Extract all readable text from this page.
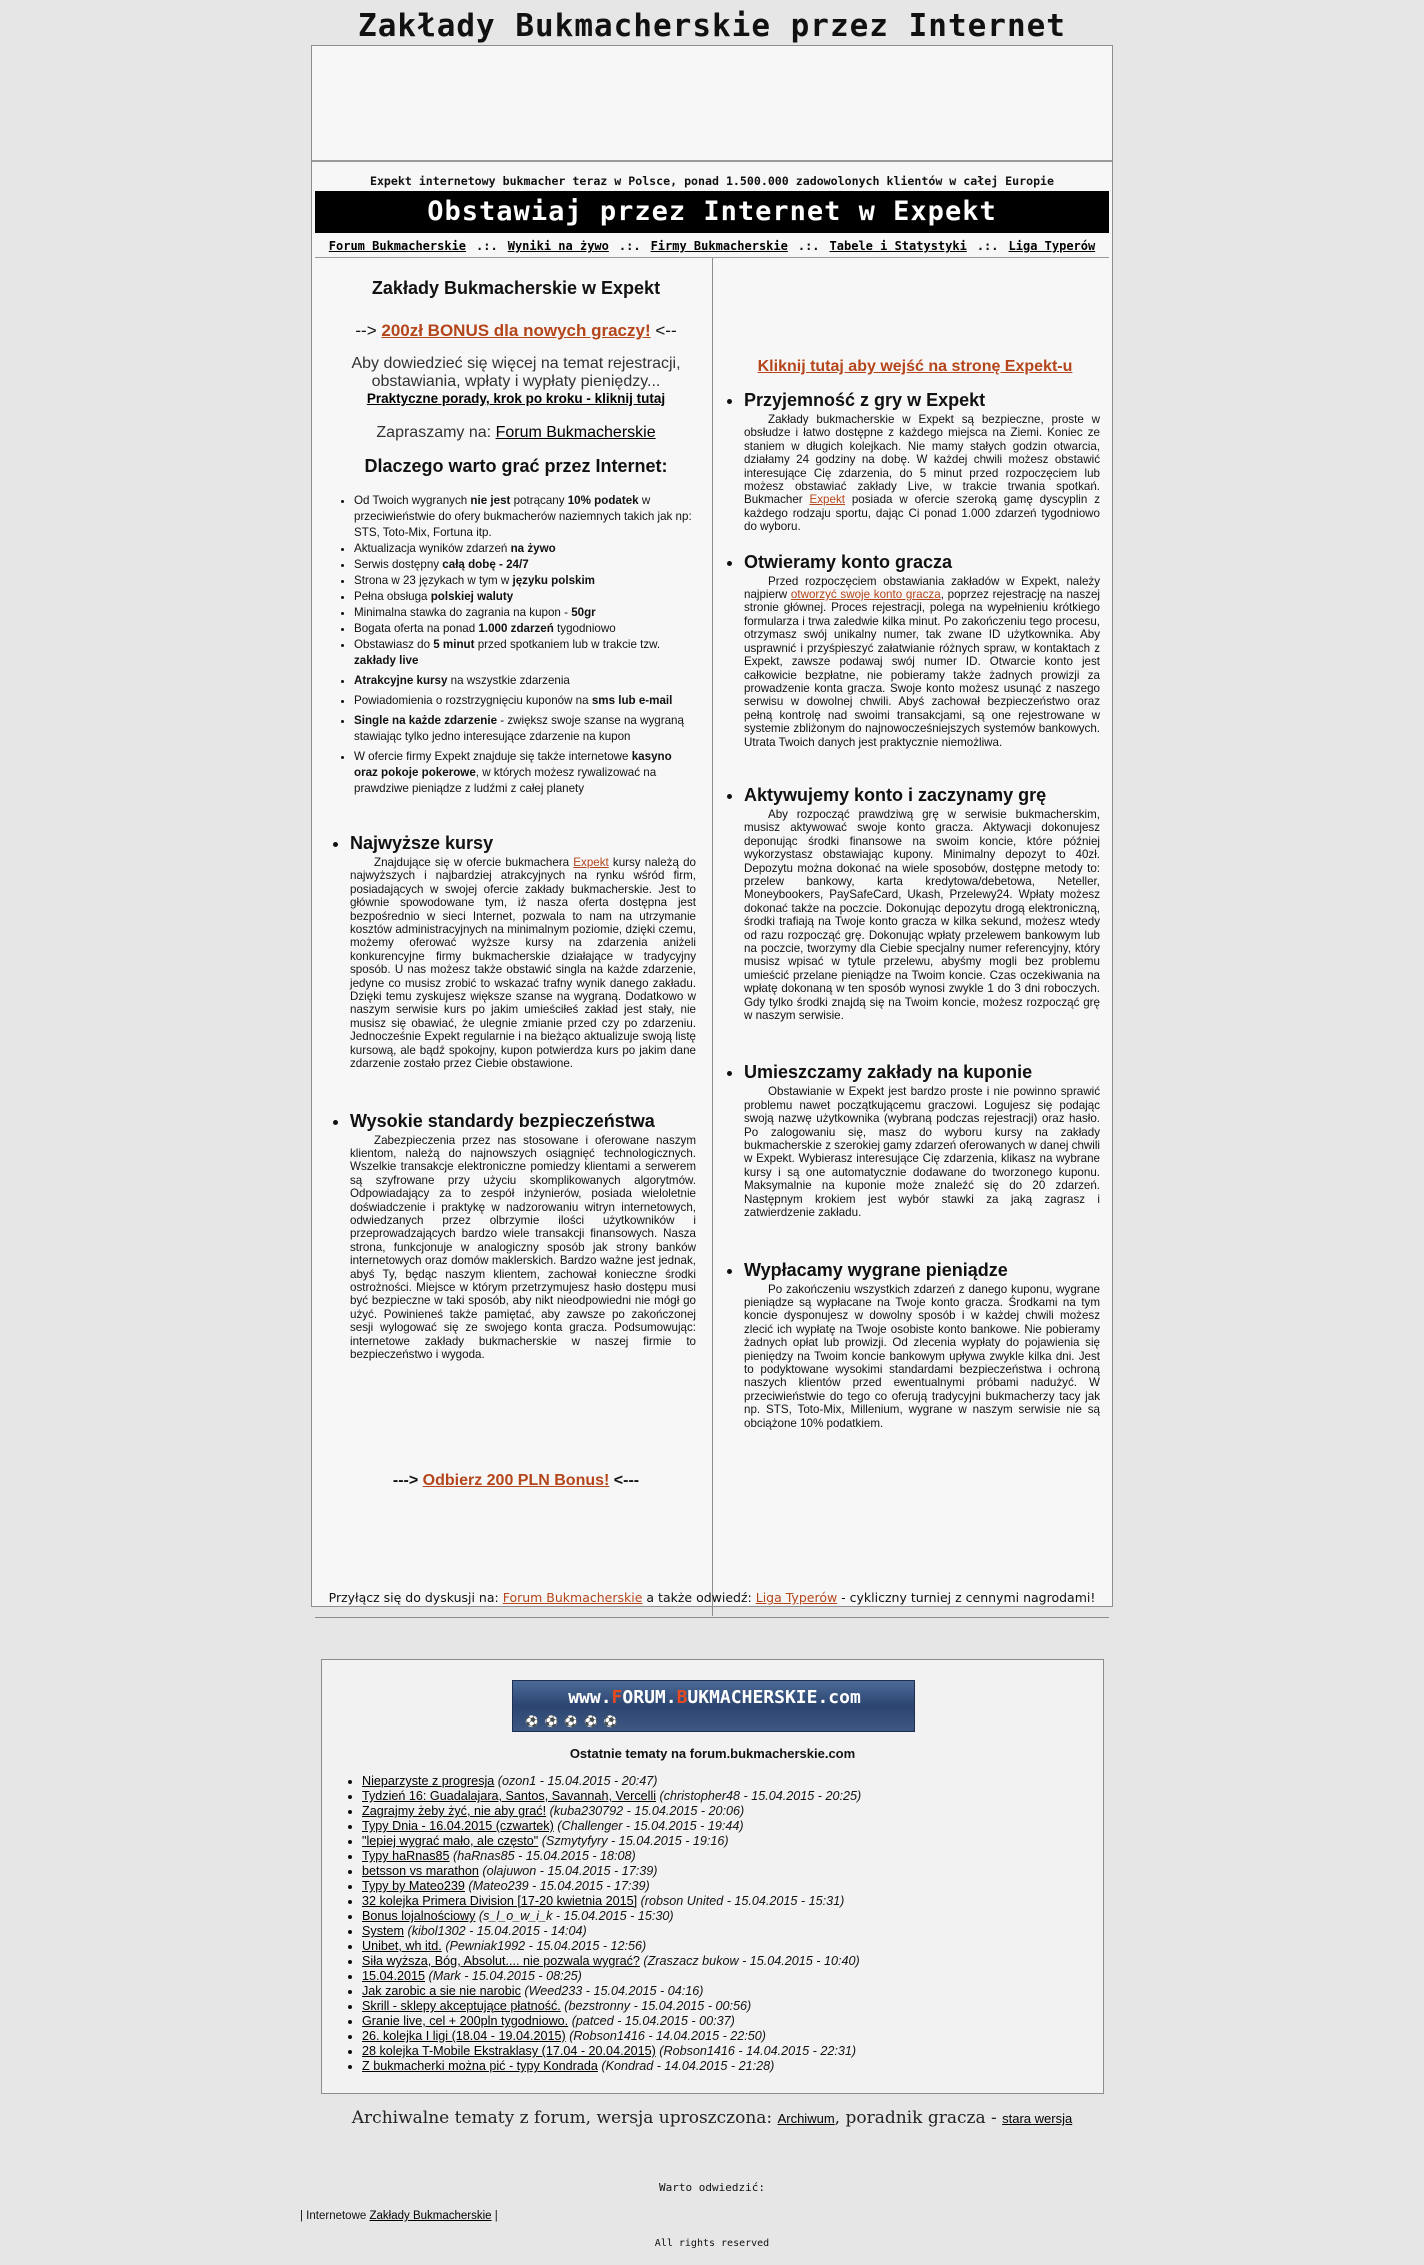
Zakłady Bukmacherskie przez Internet
Expekt internetowy bukmacher teraz w Polsce, ponad 1.500.000 zadowolonych klientów w całej Europie
Obstawiaj przez Internet w Expekt
Forum Bukmacherskie .:. Wyniki na żywo .:. Firmy Bukmacherskie .:. Tabele i Statystyki .:. Liga Typerów
Zakłady Bukmacherskie w Expekt
--> 200zł BONUS dla nowych graczy! <--
Aby dowiedzieć się więcej na temat rejestracji, obstawiania, wpłaty i wypłaty pieniędzy...
Praktyczne porady, krok po kroku - kliknij tutaj
Zapraszamy na: Forum Bukmacherskie
Dlaczego warto grać przez Internet:
• Od Twoich wygranych nie jest potrącany 10% podatek w przeciwieństwie do ofery bukmacherów naziemnych takich jak np: STS, Toto-Mix, Fortuna itp.
• Aktualizacja wyników zdarzeń na żywo
• Serwis dostępny całą dobę - 24/7
• Strona w 23 językach w tym w języku polskim
• Pełna obsługa polskiej waluty
• Minimalna stawka do zagrania na kupon - 50gr
• Bogata oferta na ponad 1.000 zdarzeń tygodniowo
• Obstawiasz do 5 minut przed spotkaniem lub w trakcie tzw. zakłady live
• Atrakcyjne kursy na wszystkie zdarzenia
• Powiadomienia o rozstrzygnięciu kuponów na sms lub e-mail
• Single na każde zdarzenie - zwiększ swoje szanse na wygraną stawiając tylko jedno interesujące zdarzenie na kupon
• W ofercie firmy Expekt znajduje się także internetowe kasyno oraz pokoje pokerowe, w których możesz rywalizować na prawdziwe pieniądze z ludźmi z całej planety
• Najwyższe kursy
Znajdujące się w ofercie bukmachera Expekt kursy należą do najwyższych i najbardziej atrakcyjnych na rynku wśród firm, posiadających w swojej ofercie zakłady bukmacherskie. Jest to głównie spowodowane tym, iż nasza oferta dostępna jest bezpośrednio w sieci Internet, pozwala to nam na utrzymanie kosztów administracyjnych na minimalnym poziomie, dzięki czemu, możemy oferować wyższe kursy na zdarzenia aniżeli konkurencyjne firmy bukmacherskie działające w tradycyjny sposób. U nas możesz także obstawić singla na każde zdarzenie, jedyne co musisz zrobić to wskazać trafny wynik danego zakładu. Dzięki temu zyskujesz większe szanse na wygraną. Dodatkowo w naszym serwisie kurs po jakim umieściłeś zakład jest stały, nie musisz się obawiać, że ulegnie zmianie przed czy po zdarzeniu. Jednocześnie Expekt regularnie i na bieżąco aktualizuje swoją listę kursową, ale bądź spokojny, kupon potwierdza kurs po jakim dane zdarzenie zostało przez Ciebie obstawione.
• Wysokie standardy bezpieczeństwa
Zabezpieczenia przez nas stosowane i oferowane naszym klientom, należą do najnowszych osiągnięć technologicznych. Wszelkie transakcje elektroniczne pomiedzy klientami a serwerem są szyfrowane przy użyciu skomplikowanych algorytmów. Odpowiadający za to zespół inżynierów, posiada wieloletnie doświadczenie i praktykę w nadzorowaniu witryn internetowych, odwiedzanych przez olbrzymie ilości użytkowników i przeprowadzających bardzo wiele transakcji finansowych. Nasza strona, funkcjonuje w analogiczny sposób jak strony banków internetowych oraz domów maklerskich. Bardzo ważne jest jednak, abyś Ty, będąc naszym klientem, zachował konieczne środki ostrożności. Miejsce w którym przetrzymujesz hasło dostępu musi być bezpieczne w taki sposób, aby nikt nieodpowiedni nie mógł go użyć. Powinieneś także pamiętać, aby zawsze po zakończonej sesji wylogować się ze swojego konta gracza. Podsumowując: internetowe zakłady bukmacherskie w naszej firmie to bezpieczeństwo i wygoda.
---> Odbierz 200 PLN Bonus! <---
Kliknij tutaj aby wejść na stronę Expekt-u
• Przyjemność z gry w Expekt
Zakłady bukmacherskie w Expekt są bezpieczne, proste w obsłudze i łatwo dostępne z każdego miejsca na Ziemi. Koniec ze staniem w długich kolejkach. Nie mamy stałych godzin otwarcia, działamy 24 godziny na dobę. W każdej chwili możesz obstawić interesujące Cię zdarzenia, do 5 minut przed rozpoczęciem lub możesz obstawiać zakłady Live, w trakcie trwania spotkań. Bukmacher Expekt posiada w ofercie szeroką gamę dyscyplin z każdego rodzaju sportu, dając Ci ponad 1.000 zdarzeń tygodniowo do wyboru.
• Otwieramy konto gracza
Przed rozpoczęciem obstawiania zakładów w Expekt, należy najpierw otworzyć swoje konto gracza, poprzez rejestrację na naszej stronie głównej. Proces rejestracji, polega na wypełnieniu krótkiego formularza i trwa zaledwie kilka minut. Po zakończeniu tego procesu, otrzymasz swój unikalny numer, tak zwane ID użytkownika. Aby usprawnić i przyśpieszyć załatwianie różnych spraw, w kontaktach z Expekt, zawsze podawaj swój numer ID. Otwarcie konto jest całkowicie bezpłatne, nie pobieramy także żadnych prowizji za prowadzenie konta gracza. Swoje konto możesz usunąć z naszego serwisu w dowolnej chwili. Abyś zachował bezpieczeństwo oraz pełną kontrolę nad swoimi transakcjami, są one rejestrowane w systemie zbliżonym do najnowocześniejszych systemów bankowych. Utrata Twoich danych jest praktycznie niemożliwa.
• Aktywujemy konto i zaczynamy grę
Aby rozpocząć prawdziwą grę w serwisie bukmacherskim, musisz aktywować swoje konto gracza. Aktywacji dokonujesz deponując środki finansowe na swoim koncie, które później wykorzystasz obstawiając kupony. Minimalny depozyt to 40zł. Depozytu można dokonać na wiele sposobów, dostępne metody to: przelew bankowy, karta kredytowa/debetowa, Neteller, Moneybookers, PaySafeCard, Ukash, Przelewy24. Wpłaty możesz dokonać także na poczcie. Dokonując depozytu drogą elektroniczną, środki trafiają na Twoje konto gracza w kilka sekund, możesz wtedy od razu rozpocząć grę. Dokonując wpłaty przelewem bankowym lub na poczcie, tworzymy dla Ciebie specjalny numer referencyjny, który musisz wpisać w tytule przelewu, abyśmy mogli bez problemu umieścić przelane pieniądze na Twoim koncie. Czas oczekiwania na wpłatę dokonaną w ten sposób wynosi zwykle 1 do 3 dni roboczych. Gdy tylko środki znajdą się na Twoim koncie, możesz rozpocząć grę w naszym serwisie.
• Umieszczamy zakłady na kuponie
Obstawianie w Expekt jest bardzo proste i nie powinno sprawić problemu nawet początkującemu graczowi. Logujesz się podając swoją nazwę użytkownika (wybraną podczas rejestracji) oraz hasło. Po zalogowaniu się, masz do wyboru kursy na zakłady bukmacherskie z szerokiej gamy zdarzeń oferowanych w danej chwili w Expekt. Wybierasz interesujące Cię zdarzenia, klikasz na wybrane kursy i są one automatycznie dodawane do tworzonego kuponu. Maksymalnie na kuponie może znaleźć się do 20 zdarzeń. Następnym krokiem jest wybór stawki za jaką zagrasz i zatwierdzenie zakładu.
• Wypłacamy wygrane pieniądze
Po zakończeniu wszystkich zdarzeń z danego kuponu, wygrane pieniądze są wypłacane na Twoje konto gracza. Środkami na tym koncie dysponujesz w dowolny sposób i w każdej chwili możesz zlecić ich wypłatę na Twoje osobiste konto bankowe. Nie pobieramy żadnych opłat lub prowizji. Od zlecenia wypłaty do pojawienia się pieniędzy na Twoim koncie bankowym upływa zwykle kilka dni. Jest to podyktowane wysokimi standardami bezpieczeństwa i ochroną naszych klientów przed ewentualnymi próbami nadużyć. W przeciwieństwie do tego co oferują tradycyjni bukmacherzy tacy jak np. STS, Toto-Mix, Millenium, wygrane w naszym serwisie nie są obciążone 10% podatkiem.
Przyłącz się do dyskusji na: Forum Bukmacherskie a także odwiedź: Liga Typerów - cykliczny turniej z cennymi nagrodami!
www.FORUM.BUKMACHERSKIE.com
⚽⚽⚽⚽⚽
Ostatnie tematy na forum.bukmacherskie.com
• Nieparzyste z progresja (ozon1 - 15.04.2015 - 20:47)
• Tydzień 16: Guadalajara, Santos, Savannah, Vercelli (christopher48 - 15.04.2015 - 20:25)
• Zagrajmy żeby żyć, nie aby grać! (kuba230792 - 15.04.2015 - 20:06)
• Typy Dnia - 16.04.2015 (czwartek) (Challenger - 15.04.2015 - 19:44)
• "lepiej wygrać mało, ale często" (Szmytyfyry - 15.04.2015 - 19:16)
• Typy haRnas85 (haRnas85 - 15.04.2015 - 18:08)
• betsson vs marathon (olajuwon - 15.04.2015 - 17:39)
• Typy by Mateo239 (Mateo239 - 15.04.2015 - 17:39)
• 32 kolejka Primera Division [17-20 kwietnia 2015] (robson United - 15.04.2015 - 15:31)
• Bonus lojalnościowy (s_l_o_w_i_k - 15.04.2015 - 15:30)
• System (kibol1302 - 15.04.2015 - 14:04)
• Unibet, wh itd. (Pewniak1992 - 15.04.2015 - 12:56)
• Siła wyższa, Bóg, Absolut.... nie pozwala wygrać? (Zraszacz bukow - 15.04.2015 - 10:40)
• 15.04.2015 (Mark - 15.04.2015 - 08:25)
• Jak zarobic a sie nie narobic (Weed233 - 15.04.2015 - 04:16)
• Skrill - sklepy akceptujące płatność. (bezstronny - 15.04.2015 - 00:56)
• Granie live, cel + 200pln tygodniowo. (patced - 15.04.2015 - 00:37)
• 26. kolejka I ligi (18.04 - 19.04.2015) (Robson1416 - 14.04.2015 - 22:50)
• 28 kolejka T-Mobile Ekstraklasy (17.04 - 20.04.2015) (Robson1416 - 14.04.2015 - 22:31)
• Z bukmacherki można pić - typy Kondrada (Kondrad - 14.04.2015 - 21:28)
Archiwalne tematy z forum, wersja uproszczona: Archiwum, poradnik gracza - stara wersja
Warto odwiedzić:
| Internetowe Zakłady Bukmacherskie |
All rights reserved
